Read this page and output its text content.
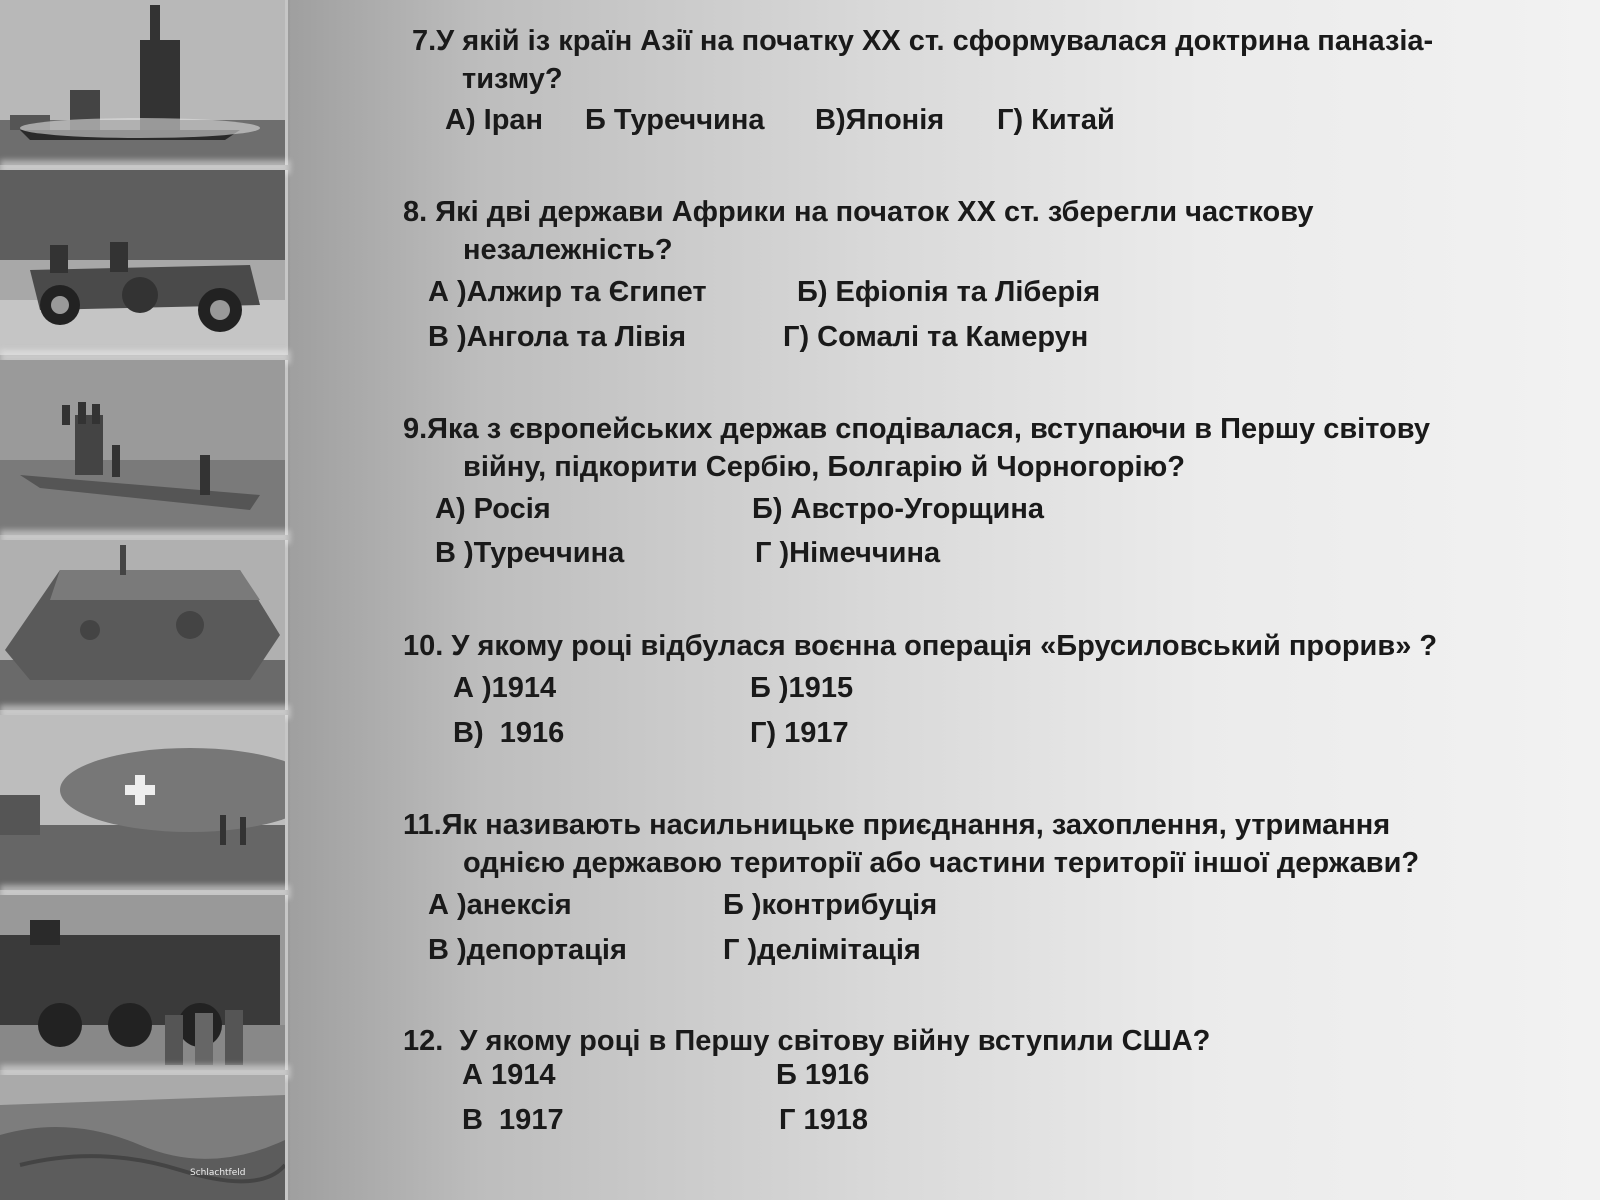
Schlachtfeld
7.У якій із країн Азії на початку XX ст. сформувалася доктрина паназіа-
тизму?
А) Іран Б Туреччина В)Японія Г) Китай
8. Які дві держави Африки на початок XX ст. зберегли часткову
незалежність?
А )Алжир та Єгипет	Б) Ефіопія та Ліберія
В )Ангола та Лівія	Г) Сомалі та Камерун
9.Яка з європейських держав сподівалася, вступаючи в Першу світову
війну, підкорити Сербію, Болгарію й Чорногорію?
А) Росія	Б) Австро-Угорщина
В )Туреччина	Г )Німеччина
10. У якому році відбулася воєнна операція «Брусиловський прорив» ?
А )1914	Б )1915
В)  1916	Г) 1917
11.Як називають насильницьке приєднання, захоплення, утримання
однією державою території або частини території іншої держави?
А )анексія	Б )контрибуція
В )депортація	Г )делімітація
12.  У якому році в Першу світову війну вступили США?
А 1914	Б 1916
В  1917	Г 1918
